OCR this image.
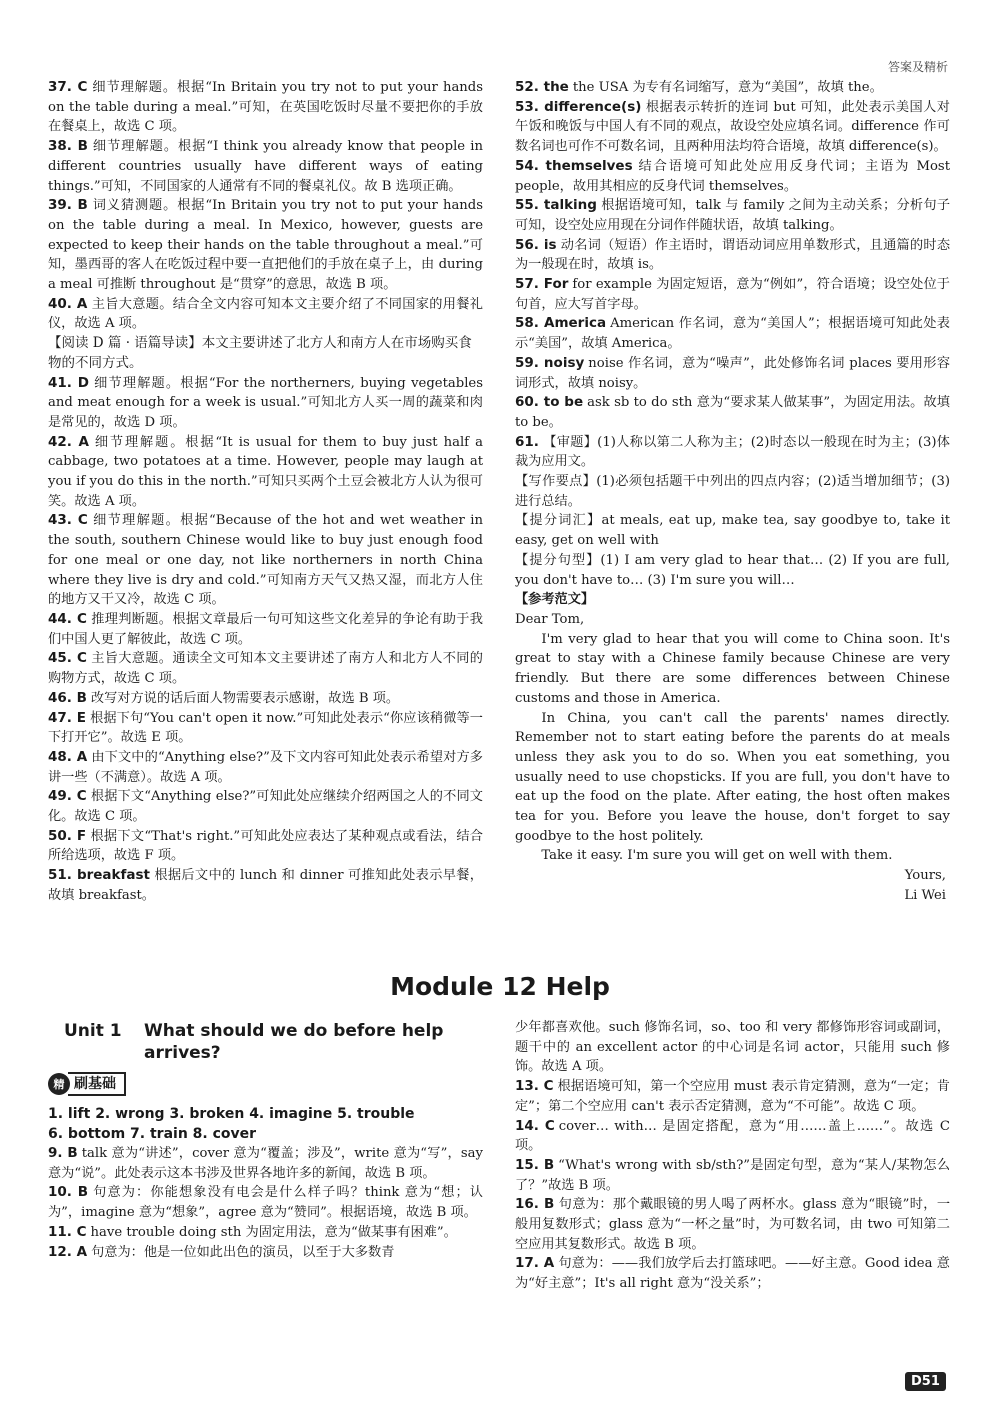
答案及精析

37. C 细节理解题。根据“In Britain you try not to put your hands on the table during a meal.”可知，在英国吃饭时尽量不要把你的手放在餐桌上，故选 C 项。

38. B 细节理解题。根据“I think you already know that people in different countries usually have different ways of eating things.”可知，不同国家的人通常有不同的餐桌礼仪。故 B 选项正确。

39. B 词义猜测题。根据“In Britain you try not to put your hands on the table during a meal. In Mexico, however, guests are expected to keep their hands on the table throughout a meal.”可知，墨西哥的客人在吃饭过程中要一直把他们的手放在桌子上，由 during a meal 可推断 throughout 是“贯穿”的意思，故选 B 项。

40. A 主旨大意题。结合全文内容可知本文主要介绍了不同国家的用餐礼仪，故选 A 项。

【阅读 D 篇 · 语篇导读】本文主要讲述了北方人和南方人在市场购买食物的不同方式。

41. D 细节理解题。根据“For the northerners, buying vegetables and meat enough for a week is usual.”可知北方人买一周的蔬菜和肉是常见的，故选 D 项。

42. A 细节理解题。根据“It is usual for them to buy just half a cabbage, two potatoes at a time. However, people may laugh at you if you do this in the north.”可知只买两个土豆会被北方人认为很可笑。故选 A 项。

43. C 细节理解题。根据“Because of the hot and wet weather in the south, southern Chinese would like to buy just enough food for one meal or one day, not like northerners in north China where they live is dry and cold.”可知南方天气又热又湿，而北方人住的地方又干又冷，故选 C 项。

44. C 推理判断题。根据文章最后一句可知这些文化差异的争论有助于我们中国人更了解彼此，故选 C 项。

45. C 主旨大意题。通读全文可知本文主要讲述了南方人和北方人不同的购物方式，故选 C 项。

46. B 改写对方说的话后面人物需要表示感谢，故选 B 项。

47. E 根据下句“You can't open it now.”可知此处表示“你应该稍微等一下打开它”。故选 E 项。

48. A 由下文中的“Anything else?”及下文内容可知此处表示希望对方多讲一些（不满意）。故选 A 项。

49. C 根据下文“Anything else?”可知此处应继续介绍两国之人的不同文化。故选 C 项。

50. F 根据下文“That's right.”可知此处应表达了某种观点或看法，结合所给选项，故选 F 项。

51. breakfast 根据后文中的 lunch 和 dinner 可推知此处表示早餐，故填 breakfast。

52. the the USA 为专有名词缩写，意为“美国”，故填 the。

53. difference(s) 根据表示转折的连词 but 可知，此处表示美国人对午饭和晚饭与中国人有不同的观点，故设空处应填名词。difference 作可数名词也可作不可数名词，且两种用法均符合语境，故填 difference(s)。

54. themselves 结合语境可知此处应用反身代词；主语为 Most people，故用其相应的反身代词 themselves。

55. talking 根据语境可知，talk 与 family 之间为主动关系；分析句子可知，设空处应用现在分词作伴随状语，故填 talking。

56. is 动名词（短语）作主语时，谓语动词应用单数形式，且通篇的时态为一般现在时，故填 is。

57. For for example 为固定短语，意为“例如”，符合语境；设空处位于句首，应大写首字母。

58. America American 作名词，意为“美国人”；根据语境可知此处表示“美国”，故填 America。

59. noisy noise 作名词，意为“噪声”，此处修饰名词 places 要用形容词形式，故填 noisy。

60. to be ask sb to do sth 意为“要求某人做某事”，为固定用法。故填 to be。

61. 【审题】(1)人称以第二人称为主；(2)时态以一般现在时为主；(3)体裁为应用文。

【写作要点】(1)必须包括题干中列出的四点内容；(2)适当增加细节；(3)进行总结。

【提分词汇】at meals, eat up, make tea, say goodbye to, take it easy, get on well with

【提分句型】(1) I am very glad to hear that… (2) If you are full, you don't have to… (3) I'm sure you will…

【参考范文】

Dear Tom,

I'm very glad to hear that you will come to China soon. It's great to stay with a Chinese family because Chinese are very friendly. But there are some differences between Chinese customs and those in America.

In China, you can't call the parents' names directly. Remember not to start eating before the parents do at meals unless they ask you to do so. When you eat something, you usually need to use chopsticks. If you are full, you don't have to eat up the food on the plate. After eating, the host often makes tea for you. Before you leave the house, don't forget to say goodbye to the host politely.

Take it easy. I'm sure you will get on well with them.

Yours,

Li Wei

Module 12 Help
Unit 1 What should we do before help arrives?
精 刷基础

1. lift 2. wrong 3. broken 4. imagine 5. trouble

6. bottom 7. train 8. cover

9. B talk 意为“讲述”，cover 意为“覆盖；涉及”，write 意为“写”，say 意为“说”。此处表示这本书涉及世界各地许多的新闻，故选 B 项。

10. B 句意为：你能想象没有电会是什么样子吗？think 意为“想；认为”，imagine 意为“想象”，agree 意为“赞同”。根据语境，故选 B 项。

11. C have trouble doing sth 为固定用法，意为“做某事有困难”。

12. A 句意为：他是一位如此出色的演员，以至于大多数青

少年都喜欢他。such 修饰名词，so、too 和 very 都修饰形容词或副词，题干中的 an excellent actor 的中心词是名词 actor，只能用 such 修饰。故选 A 项。

13. C 根据语境可知，第一个空应用 must 表示肯定猜测，意为“一定；肯定”；第二个空应用 can't 表示否定猜测，意为“不可能”。故选 C 项。

14. C cover… with… 是固定搭配，意为“用……盖上……”。故选 C 项。

15. B “What's wrong with sb/sth?”是固定句型，意为“某人/某物怎么了？”故选 B 项。

16. B 句意为：那个戴眼镜的男人喝了两杯水。glass 意为“眼镜”时，一般用复数形式；glass 意为“一杯之量”时，为可数名词，由 two 可知第二空应用其复数形式。故选 B 项。

17. A 句意为：——我们放学后去打篮球吧。——好主意。Good idea 意为“好主意”；It's all right 意为“没关系”；

D51
